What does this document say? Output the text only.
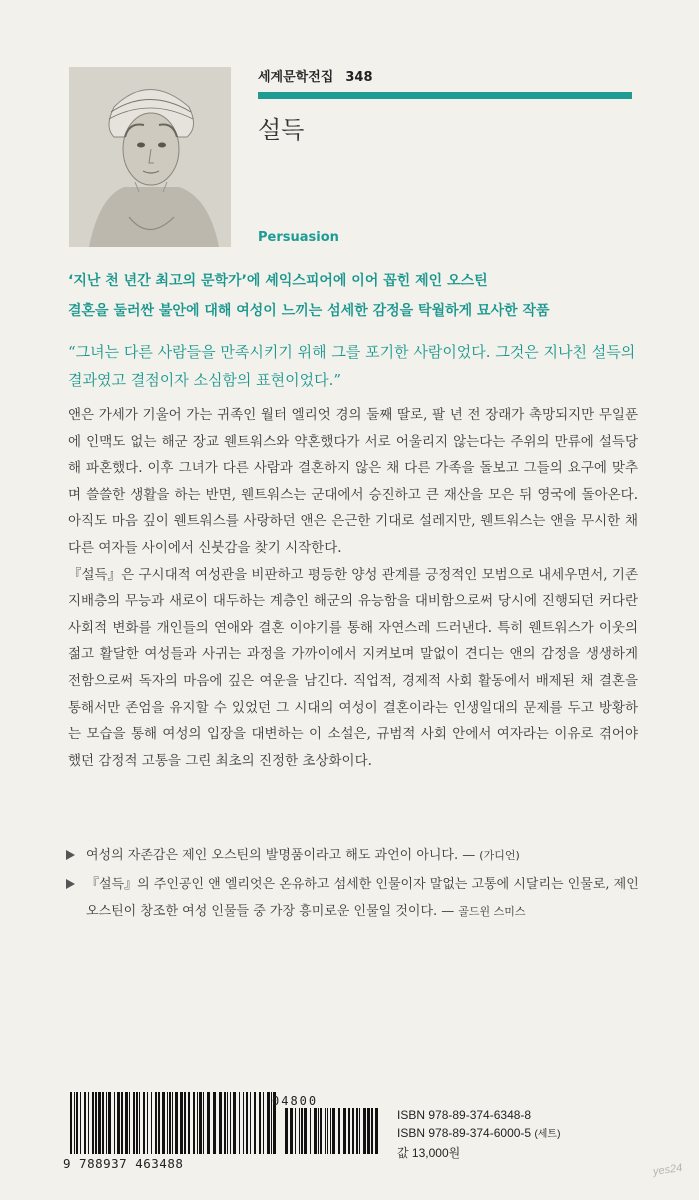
세계문학전집 348
설득
Persuasion
‘지난 천 년간 최고의 문학가’에 셰익스피어에 이어 꼽힌 제인 오스틴
결혼을 둘러싼 불안에 대해 여성이 느끼는 섬세한 감정을 탁월하게 묘사한 작품
“그녀는 다른 사람들을 만족시키기 위해 그를 포기한 사람이었다. 그것은 지나친 설득의 결과였고 결점이자 소심함의 표현이었다.”

앤은 가세가 기울어 가는 귀족인 월터 엘리엇 경의 둘째 딸로, 팔 년 전 장래가 촉망되지만 무일푼에 인맥도 없는 해군 장교 웬트워스와 약혼했다가 서로 어울리지 않는다는 주위의 만류에 설득당해 파혼했다. 이후 그녀가 다른 사람과 결혼하지 않은 채 다른 가족을 돌보고 그들의 요구에 맞추며 쓸쓸한 생활을 하는 반면, 웬트워스는 군대에서 승진하고 큰 재산을 모은 뒤 영국에 돌아온다. 아직도 마음 깊이 웬트워스를 사랑하던 앤은 은근한 기대로 설레지만, 웬트워스는 앤을 무시한 채 다른 여자들 사이에서 신붓감을 찾기 시작한다.

『설득』은 구시대적 여성관을 비판하고 평등한 양성 관계를 긍정적인 모범으로 내세우면서, 기존 지배층의 무능과 새로이 대두하는 계층인 해군의 유능함을 대비함으로써 당시에 진행되던 커다란 사회적 변화를 개인들의 연애와 결혼 이야기를 통해 자연스레 드러낸다. 특히 웬트워스가 이웃의 젊고 활달한 여성들과 사귀는 과정을 가까이에서 지켜보며 말없이 견디는 앤의 감정을 생생하게 전함으로써 독자의 마음에 깊은 여운을 남긴다. 직업적, 경제적 사회 활동에서 배제된 채 결혼을 통해서만 존엄을 유지할 수 있었던 그 시대의 여성이 결혼이라는 인생일대의 문제를 두고 방황하는 모습을 통해 여성의 입장을 대변하는 이 소설은, 규범적 사회 안에서 여자라는 이유로 겪어야 했던 감정적 고통을 그린 최초의 진정한 초상화이다.

여성의 자존감은 제인 오스틴의 발명품이라고 해도 과언이 아니다. — (가디언)
『설득』의 주인공인 앤 엘리엇은 온유하고 섬세한 인물이자 말없는 고통에 시달리는 인물로, 제인 오스틴이 창조한 여성 인물들 중 가장 흥미로운 인물일 것이다. — 골드윈 스미스
9 788937 463488
04800
ISBN 978-89-374-6348-8
ISBN 978-89-374-6000-5 (세트)
값 13,000원
yes24
